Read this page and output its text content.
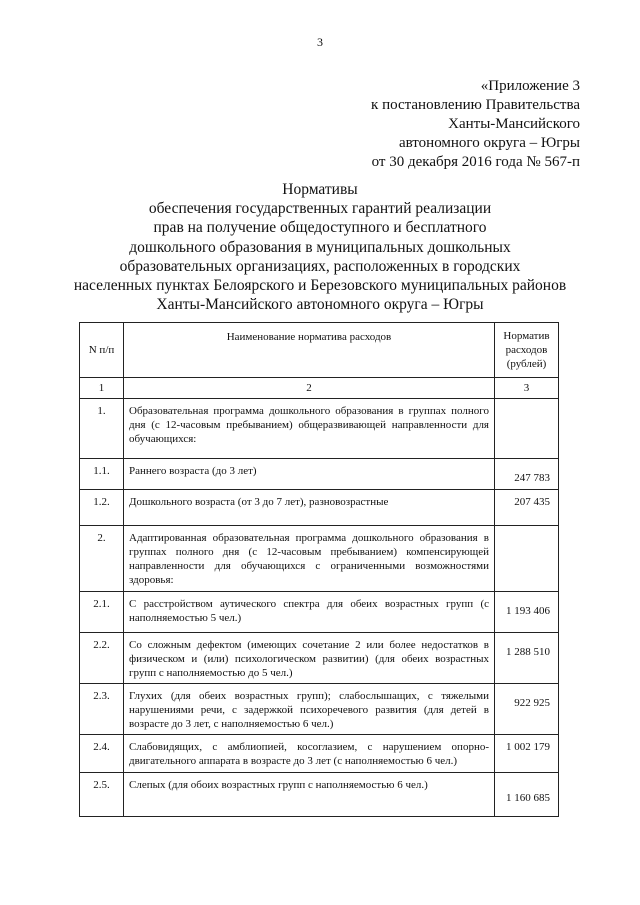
3
«Приложение 3
к постановлению Правительства
Ханты-Мансийского
автономного округа – Югры
от 30 декабря 2016 года № 567-п
Нормативы
обеспечения государственных гарантий реализации
прав на получение общедоступного и бесплатного
дошкольного образования в муниципальных дошкольных
образовательных организациях, расположенных в городских
населенных пунктах Белоярского и Березовского муниципальных районов
Ханты-Мансийского автономного округа – Югры
N п/п	Наименование норматива расходов	Норматив расходов (рублей)
1	2	3
1.	Образовательная программа дошкольного образования в группах полного дня (с 12-часовым пребыванием) общеразвивающей направленности для обучающихся:	
1.1.	Раннего возраста (до 3 лет)	247 783
1.2.	Дошкольного возраста (от 3 до 7 лет), разновозрастные	207 435
2.	Адаптированная образовательная программа дошкольного образования в группах полного дня (с 12-часовым пребыванием) компенсирующей направленности для обучающихся с ограниченными возможностями здоровья:	
2.1.	С расстройством аутического спектра для обеих возрастных групп (с наполняемостью 5 чел.)	1 193 406
2.2.	Со сложным дефектом (имеющих сочетание 2 или более недостатков в физическом и (или) психологическом развитии) (для обеих возрастных групп с наполняемостью до 5 чел.)	1 288 510
2.3.	Глухих (для обеих возрастных групп); слабослышащих, с тяжелыми нарушениями речи, с задержкой психоречевого развития (для детей в возрасте до 3 лет, с наполняемостью 6 чел.)	922 925
2.4.	Слабовидящих, с амблиопией, косоглазием, с нарушением опорно-двигательного аппарата в возрасте до 3 лет (с наполняемостью 6 чел.)	1 002 179
2.5.	Слепых (для обоих возрастных групп с наполняемостью 6 чел.)	1 160 685
